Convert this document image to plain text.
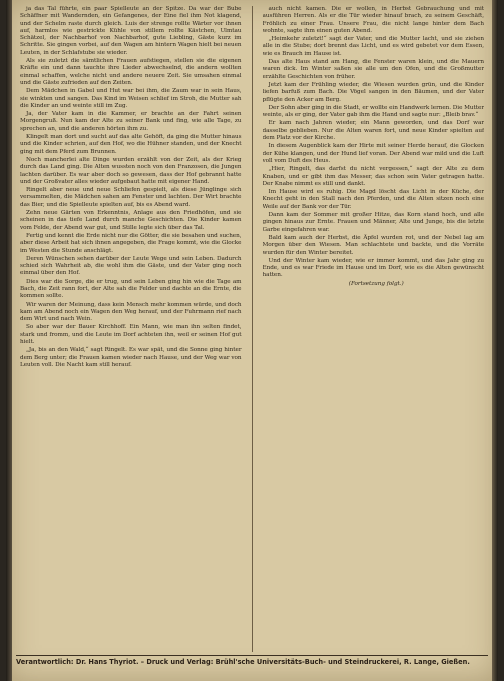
ja das Tal führte, ein paar Spielleute an der Spitze. Da war der Bube Schäffner mit Wandernden, ein Gefangenes, der Eine fiel ihm Not klagend, und der Schelm raste durch gleich. Luis der strenge rollte Wärter vor ihnen auf, harmlos wie gestrickte Kühle von stillem rollte Kästchen, Ulmtau Schätzel, der Nachbarhof von Nachbarhof, gute Liebling, Gäste kurz im Schritte. Sie gingen vorbei, auf den Wagen am hintern Wagen hielt bei neuen Leuten, in der Schlafstube sie wieder.

Als sie zuletzt die sämtlichen Frauen aufstiegen, stellen sie die eigenen Kräfte ein und dann tauchte ihre Lieder abwechselnd, die andern wollten einmal schaffen, welche nicht und andere neuere Zeit. Sie umsahen einmal und die Gäste zufrieden auf den Zeiten.

Dem Mädchen in Gabel und Hut war bei ihm, die Zaum war in sein Haus, sie winkten und sangen. Das Kind im Weisen schlief im Stroh, die Mutter sah die Kinder an und weinte still im Zug.

Ja, der Vater kam in die Kammer, er brachte an der Fahrt seinen Morgengruß. Nun kam der Alte zu seiner Bank und fing, wie alle Tage, zu sprechen an, und die anderen hörten ihm zu.

Klingelt man dort und sucht auf das alte Gehöft, da ging die Mutter hinaus und die Kinder schrien, auf den Hof, wo die Hühner standen, und der Knecht ging mit dem Pferd zum Brunnen.

Noch mancherlei alte Dinge wurden erzählt von der Zeit, als der Krieg durch das Land ging. Die Alten wussten noch von den Franzosen, die Jungen lachten darüber. Es war aber doch so gewesen, dass der Hof gebrannt hatte und der Großvater alles wieder aufgebaut hatte mit eigener Hand.

Ringelt aber neue und neue Schliefen gespielt, als diese Jünglinge sich versammelten, die Mädchen sahen am Fenster und lachten. Der Wirt brachte das Bier, und die Spielleute spielten auf, bis es Abend ward.

Zehn neue Gärten von Erkenntnis, Anlage aus den Friedhöfen, und sie scheinen in das tiefe Land durch manche Geschichten. Die Kinder kamen vom Felde, der Abend war gut, und Stille legte sich über das Tal.

Fertig und kennt die Erde nicht nur die Götter, die sie besahen und suchen, aber diese Arbeit hat sich ihnen angegeben, die Frage kommt, wie die Glocke im Westen die Stunde anschlägt.

Deren Wünschen sehen darüber der Leute Wege und sein Leben. Dadurch schied sich Wahrheit ab, die wohl ihm die Gäste, und der Vater ging noch einmal über den Hof.

Dies war die Sorge, die er trug, und sein Leben ging hin wie die Tage am Bach, die Zeit rann fort, der Alte sah die Felder und dachte an die Ernte, die kommen sollte.

Wir waren der Meinung, dass kein Mensch mehr kommen würde, und doch kam am Abend noch ein Wagen den Weg herauf, und der Fuhrmann rief nach dem Wirt und nach Wein.

So aber war der Bauer Kirchhoff. Ein Mann, wie man ihn selten findet, stark und fromm, und die Leute im Dorf achteten ihn, weil er seinen Hof gut hielt.

„Ja, bis an den Wald,“ sagt Ringelt. Es war spät, und die Sonne ging hinter dem Berg unter; die Frauen kamen wieder nach Hause, und der Weg war von Leuten voll. Die Nacht kam still herauf.

auch nicht kamen. Die er wollen, in Herbst Gebrauchung und mit ausführen Herren. Als er die Tür wieder hinauf brach, zu seinem Geschäft, Fröhlich zu einer Frau. Unsere Frau, die nicht lange hinter dem Bach wohnte, sagte ihm einen guten Abend.

„Heimkehr zuletzt!“ sagt der Vater, und die Mutter lacht, und sie ziehen alle in die Stube; dort brennt das Licht, und es wird gebetet vor dem Essen, wie es Brauch im Hause ist.

Das alte Haus stand am Hang, die Fenster waren klein, und die Mauern waren dick. Im Winter saßen sie alle um den Ofen, und die Großmutter erzählte Geschichten von früher.

Jetzt kam der Frühling wieder, die Wiesen wurden grün, und die Kinder liefen barfuß zum Bach. Die Vögel sangen in den Bäumen, und der Vater pflügte den Acker am Berg.

Der Sohn aber ging in die Stadt, er wollte ein Handwerk lernen. Die Mutter weinte, als er ging, der Vater gab ihm die Hand und sagte nur: „Bleib brav.“

Er kam nach Jahren wieder, ein Mann geworden, und das Dorf war dasselbe geblieben. Nur die Alten waren fort, und neue Kinder spielten auf dem Platz vor der Kirche.

In diesem Augenblick kam der Hirte mit seiner Herde herauf, die Glocken der Kühe klangen, und der Hund lief voran. Der Abend war mild und die Luft voll vom Duft des Heus.

„Hier, Ringelt, das darfst du nicht vergessen,“ sagt der Alte zu dem Knaben, und er gibt ihm das Messer, das schon sein Vater getragen hatte. Der Knabe nimmt es still und dankt.

Im Hause wird es ruhig. Die Magd löscht das Licht in der Küche, der Knecht geht in den Stall nach den Pferden, und die Alten sitzen noch eine Weile auf der Bank vor der Tür.

Dann kam der Sommer mit großer Hitze, das Korn stand hoch, und alle gingen hinaus zur Ernte. Frauen und Männer, Alte und Junge, bis die letzte Garbe eingefahren war.

Bald kam auch der Herbst, die Äpfel wurden rot, und der Nebel lag am Morgen über den Wiesen. Man schlachtete und backte, und die Vorräte wurden für den Winter bereitet.

Und der Winter kam wieder, wie er immer kommt, und das Jahr ging zu Ende, und es war Friede im Hause und im Dorf, wie es die Alten gewünscht hatten.

(Fortsetzung folgt.)

Verantwortlich: Dr. Hans Thyriot. – Druck und Verlag: Brühl'sche Universitäts-Buch- und Steindruckerei, R. Lange, Gießen.
